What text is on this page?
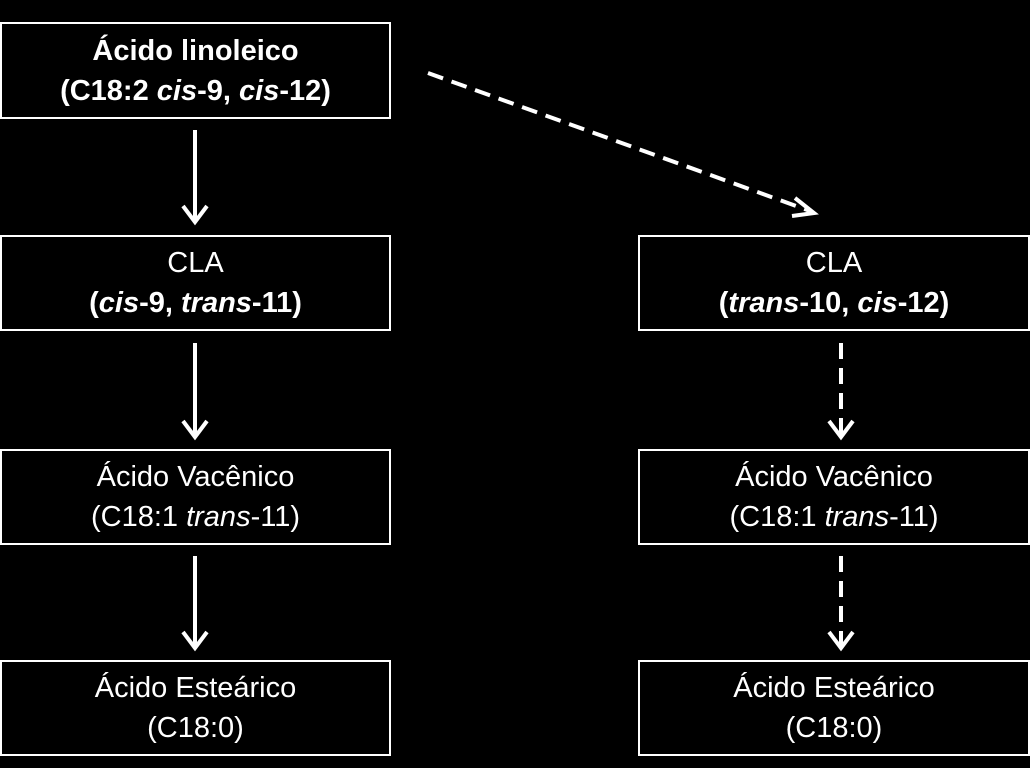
Ácido linoleico
(C18:2 cis-9, cis-12)
CLA
(cis-9, trans-11)
Ácido Vacênico
(C18:1 trans-11)
Ácido Esteárico
(C18:0)
CLA
(trans-10, cis-12)
Ácido Vacênico
(C18:1 trans-11)
Ácido Esteárico
(C18:0)
